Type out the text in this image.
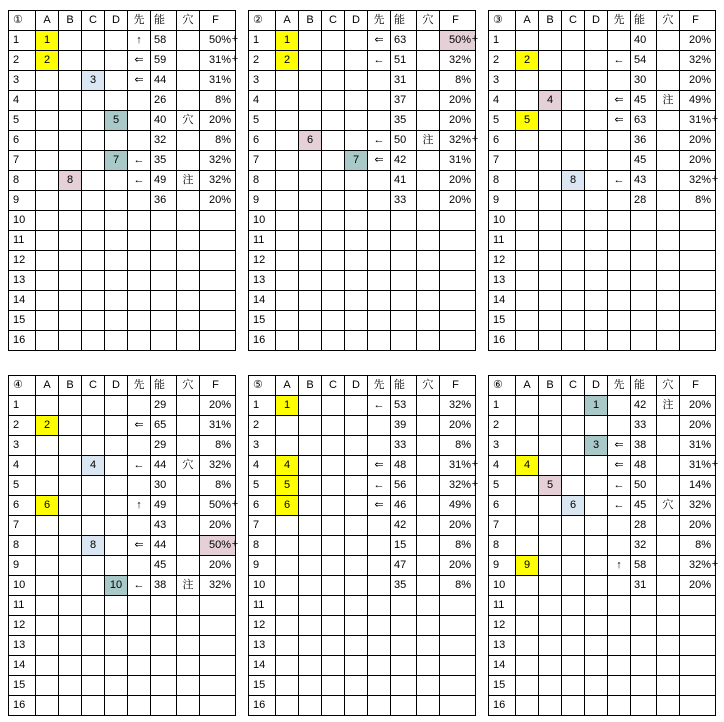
①	A	B	C	D	先	能	穴	F
1	1				↑	58		50%
2	2				⇐	59		31%
3			3		⇐	44		31%
4						26		8%
5				5		40	穴	20%
6						32		8%
7				7	←	35		32%
8		8			←	49	注	32%
9						36		20%
10								
11								
12								
13								
14								
15								
16								
+
+
②	A	B	C	D	先	能	穴	F
1	1				⇐	63		50%
2	2				←	51		32%
3						31		8%
4						37		20%
5						35		20%
6		6			←	50	注	32%
7				7	⇐	42		31%
8						41		20%
9						33		20%
10								
11								
12								
13								
14								
15								
16								
+
+
③	A	B	C	D	先	能	穴	F
1						40		20%
2	2				←	54		32%
3						30		20%
4		4			⇐	45	注	49%
5	5				⇐	63		31%
6						36		20%
7						45		20%
8			8		←	43		32%
9						28		8%
10								
11								
12								
13								
14								
15								
16								
+
+
④	A	B	C	D	先	能	穴	F
1						29		20%
2	2				⇐	65		31%
3						29		8%
4			4		←	44	穴	32%
5						30		8%
6	6				↑	49		50%
7						43		20%
8			8		⇐	44		50%
9						45		20%
10				10	←	38	注	32%
11								
12								
13								
14								
15								
16								
+
+
⑤	A	B	C	D	先	能	穴	F
1	1				←	53		32%
2						39		20%
3						33		8%
4	4				⇐	48		31%
5	5				←	56		32%
6	6				⇐	46		49%
7						42		20%
8						15		8%
9						47		20%
10						35		8%
11								
12								
13								
14								
15								
16								
+
+
⑥	A	B	C	D	先	能	穴	F
1				1		42	注	20%
2						33		20%
3				3	⇐	38		31%
4	4				⇐	48		31%
5		5			←	50		14%
6			6		←	45	穴	32%
7						28		20%
8						32		8%
9	9				↑	58		32%
10						31		20%
11								
12								
13								
14								
15								
16								
+
+
